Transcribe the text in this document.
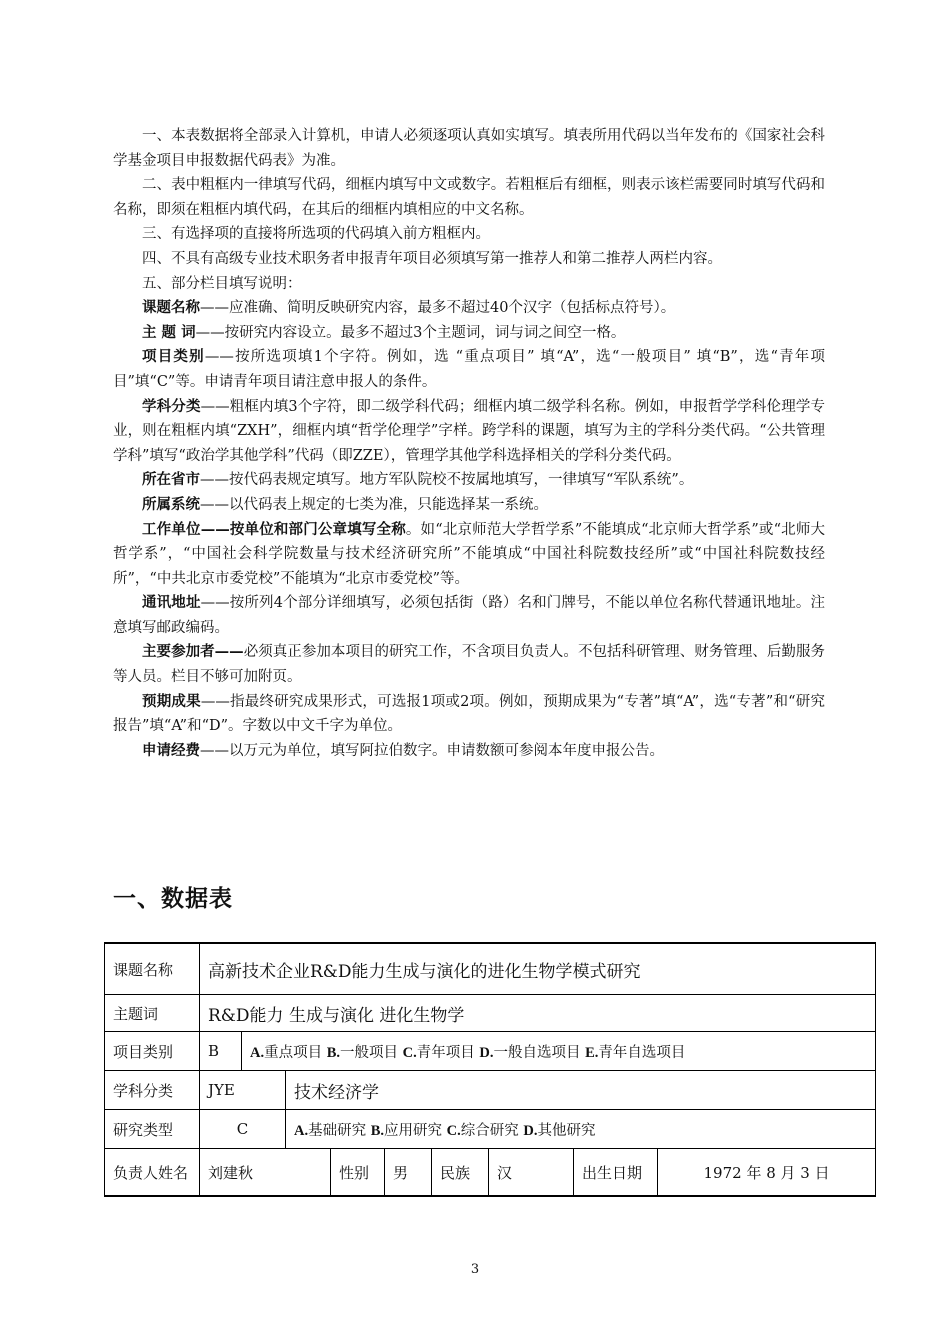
一、本表数据将全部录入计算机，申请人必须逐项认真如实填写。填表所用代码以当年发布的《国家社会科学基金项目申报数据代码表》为准。

二、表中粗框内一律填写代码，细框内填写中文或数字。若粗框后有细框，则表示该栏需要同时填写代码和名称，即须在粗框内填代码，在其后的细框内填相应的中文名称。

三、有选择项的直接将所选项的代码填入前方粗框内。

四、不具有高级专业技术职务者申报青年项目必须填写第一推荐人和第二推荐人两栏内容。

五、部分栏目填写说明：

课题名称——应准确、简明反映研究内容，最多不超过40个汉字（包括标点符号）。

主 题 词——按研究内容设立。最多不超过3个主题词，词与词之间空一格。

项目类别——按所选项填1个字符。例如，选 “重点项目” 填“A”，选“一般项目” 填“B”，选“青年项目”填“C”等。申请青年项目请注意申报人的条件。

学科分类——粗框内填3个字符，即二级学科代码；细框内填二级学科名称。例如，申报哲学学科伦理学专业，则在粗框内填“ZXH”，细框内填“哲学伦理学”字样。跨学科的课题，填写为主的学科分类代码。“公共管理学科”填写“政治学其他学科”代码（即ZZE），管理学其他学科选择相关的学科分类代码。

所在省市——按代码表规定填写。地方军队院校不按属地填写，一律填写“军队系统”。

所属系统——以代码表上规定的七类为准，只能选择某一系统。

工作单位——按单位和部门公章填写全称。如“北京师范大学哲学系”不能填成“北京师大哲学系”或“北师大哲学系”，“中国社会科学院数量与技术经济研究所”不能填成“中国社科院数技经所”或“中国社科院数技经所”，“中共北京市委党校”不能填为“北京市委党校”等。

通讯地址——按所列4个部分详细填写，必须包括街（路）名和门牌号，不能以单位名称代替通讯地址。注意填写邮政编码。

主要参加者——必须真正参加本项目的研究工作，不含项目负责人。不包括科研管理、财务管理、后勤服务等人员。栏目不够可加附页。

预期成果——指最终研究成果形式，可选报1项或2项。例如，预期成果为“专著”填“A”，选“专著”和“研究报告”填“A”和“D”。字数以中文千字为单位。

申请经费——以万元为单位，填写阿拉伯数字。申请数额可参阅本年度申报公告。

一、数据表
课题名称	高新技术企业R&D能力生成与演化的进化生物学模式研究								
主题词	R&D能力 生成与演化 进化生物学								
项目类别	B	A.重点项目 B.一般项目 C.青年项目 D.一般自选项目 E.青年自选项目							
学科分类	JYE		技术经济学						
研究类型	C		A.基础研究 B.应用研究 C.综合研究 D.其他研究						
负责人姓名	刘建秋			性别	男	民族	汉	出生日期	1972 年 8 月 3 日
3
